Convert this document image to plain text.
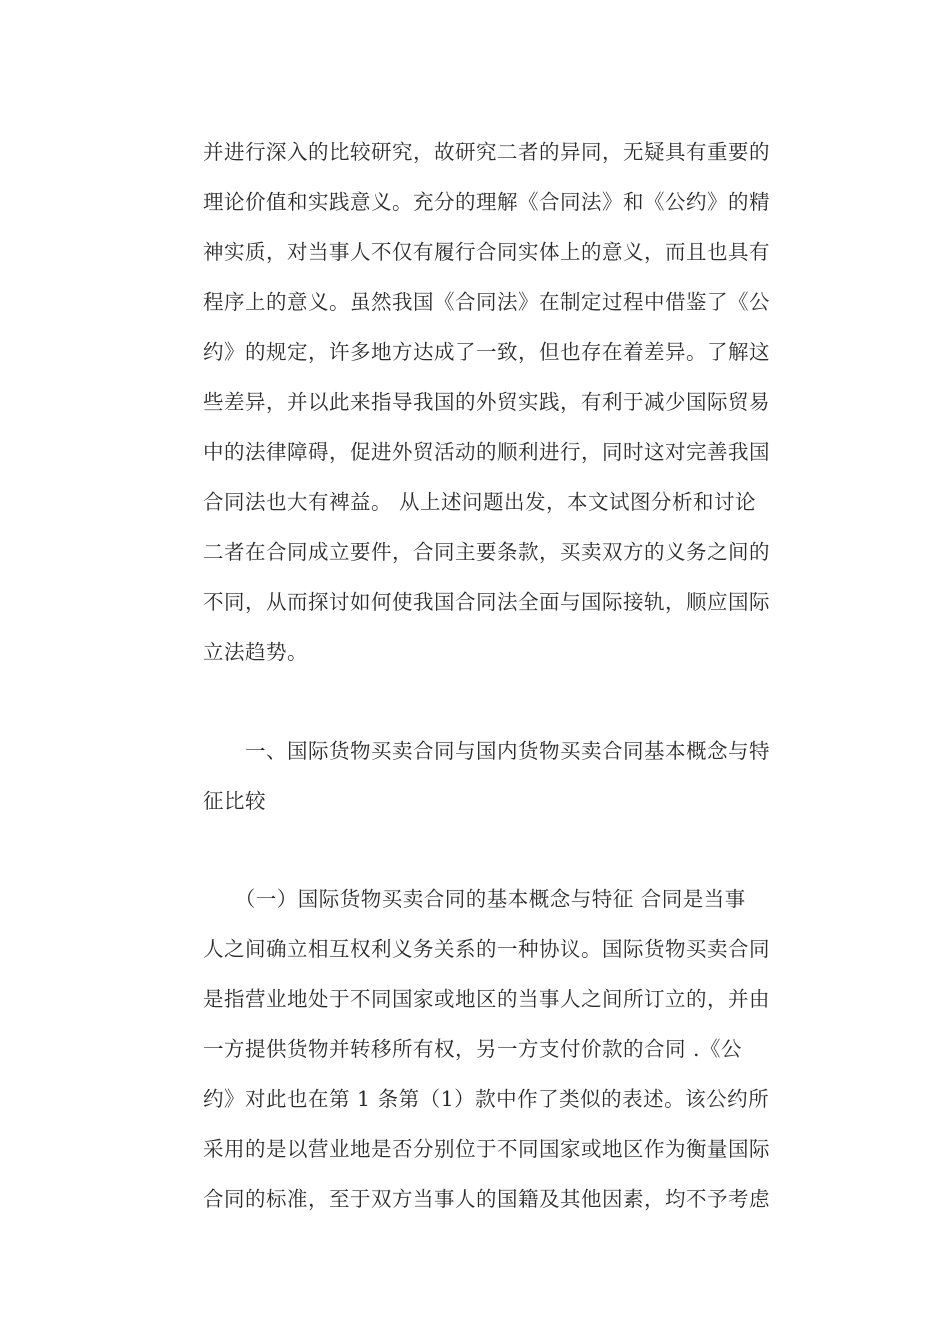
并进行深入的比较研究，故研究二者的异同，无疑具有重要的
理论价值和实践意义。充分的理解《合同法》和《公约》的精
神实质，对当事人不仅有履行合同实体上的意义，而且也具有
程序上的意义。虽然我国《合同法》在制定过程中借鉴了《公
约》的规定，许多地方达成了一致，但也存在着差异。了解这
些差异，并以此来指导我国的外贸实践，有利于减少国际贸易
中的法律障碍，促进外贸活动的顺利进行，同时这对完善我国
合同法也大有裨益。 从上述问题出发，本文试图分析和讨论
二者在合同成立要件，合同主要条款，买卖双方的义务之间的
不同，从而探讨如何使我国合同法全面与国际接轨，顺应国际
立法趋势。
　　一、国际货物买卖合同与国内货物买卖合同基本概念与特
征比较
　　（一）国际货物买卖合同的基本概念与特征 合同是当事
人之间确立相互权利义务关系的一种协议。国际货物买卖合同
是指营业地处于不同国家或地区的当事人之间所订立的，并由
一方提供货物并转移所有权，另一方支付价款的合同 .《公
约》对此也在第 1 条第（1）款中作了类似的表述。该公约所
采用的是以营业地是否分别位于不同国家或地区作为衡量国际
合同的标准，至于双方当事人的国籍及其他因素，均不予考虑
